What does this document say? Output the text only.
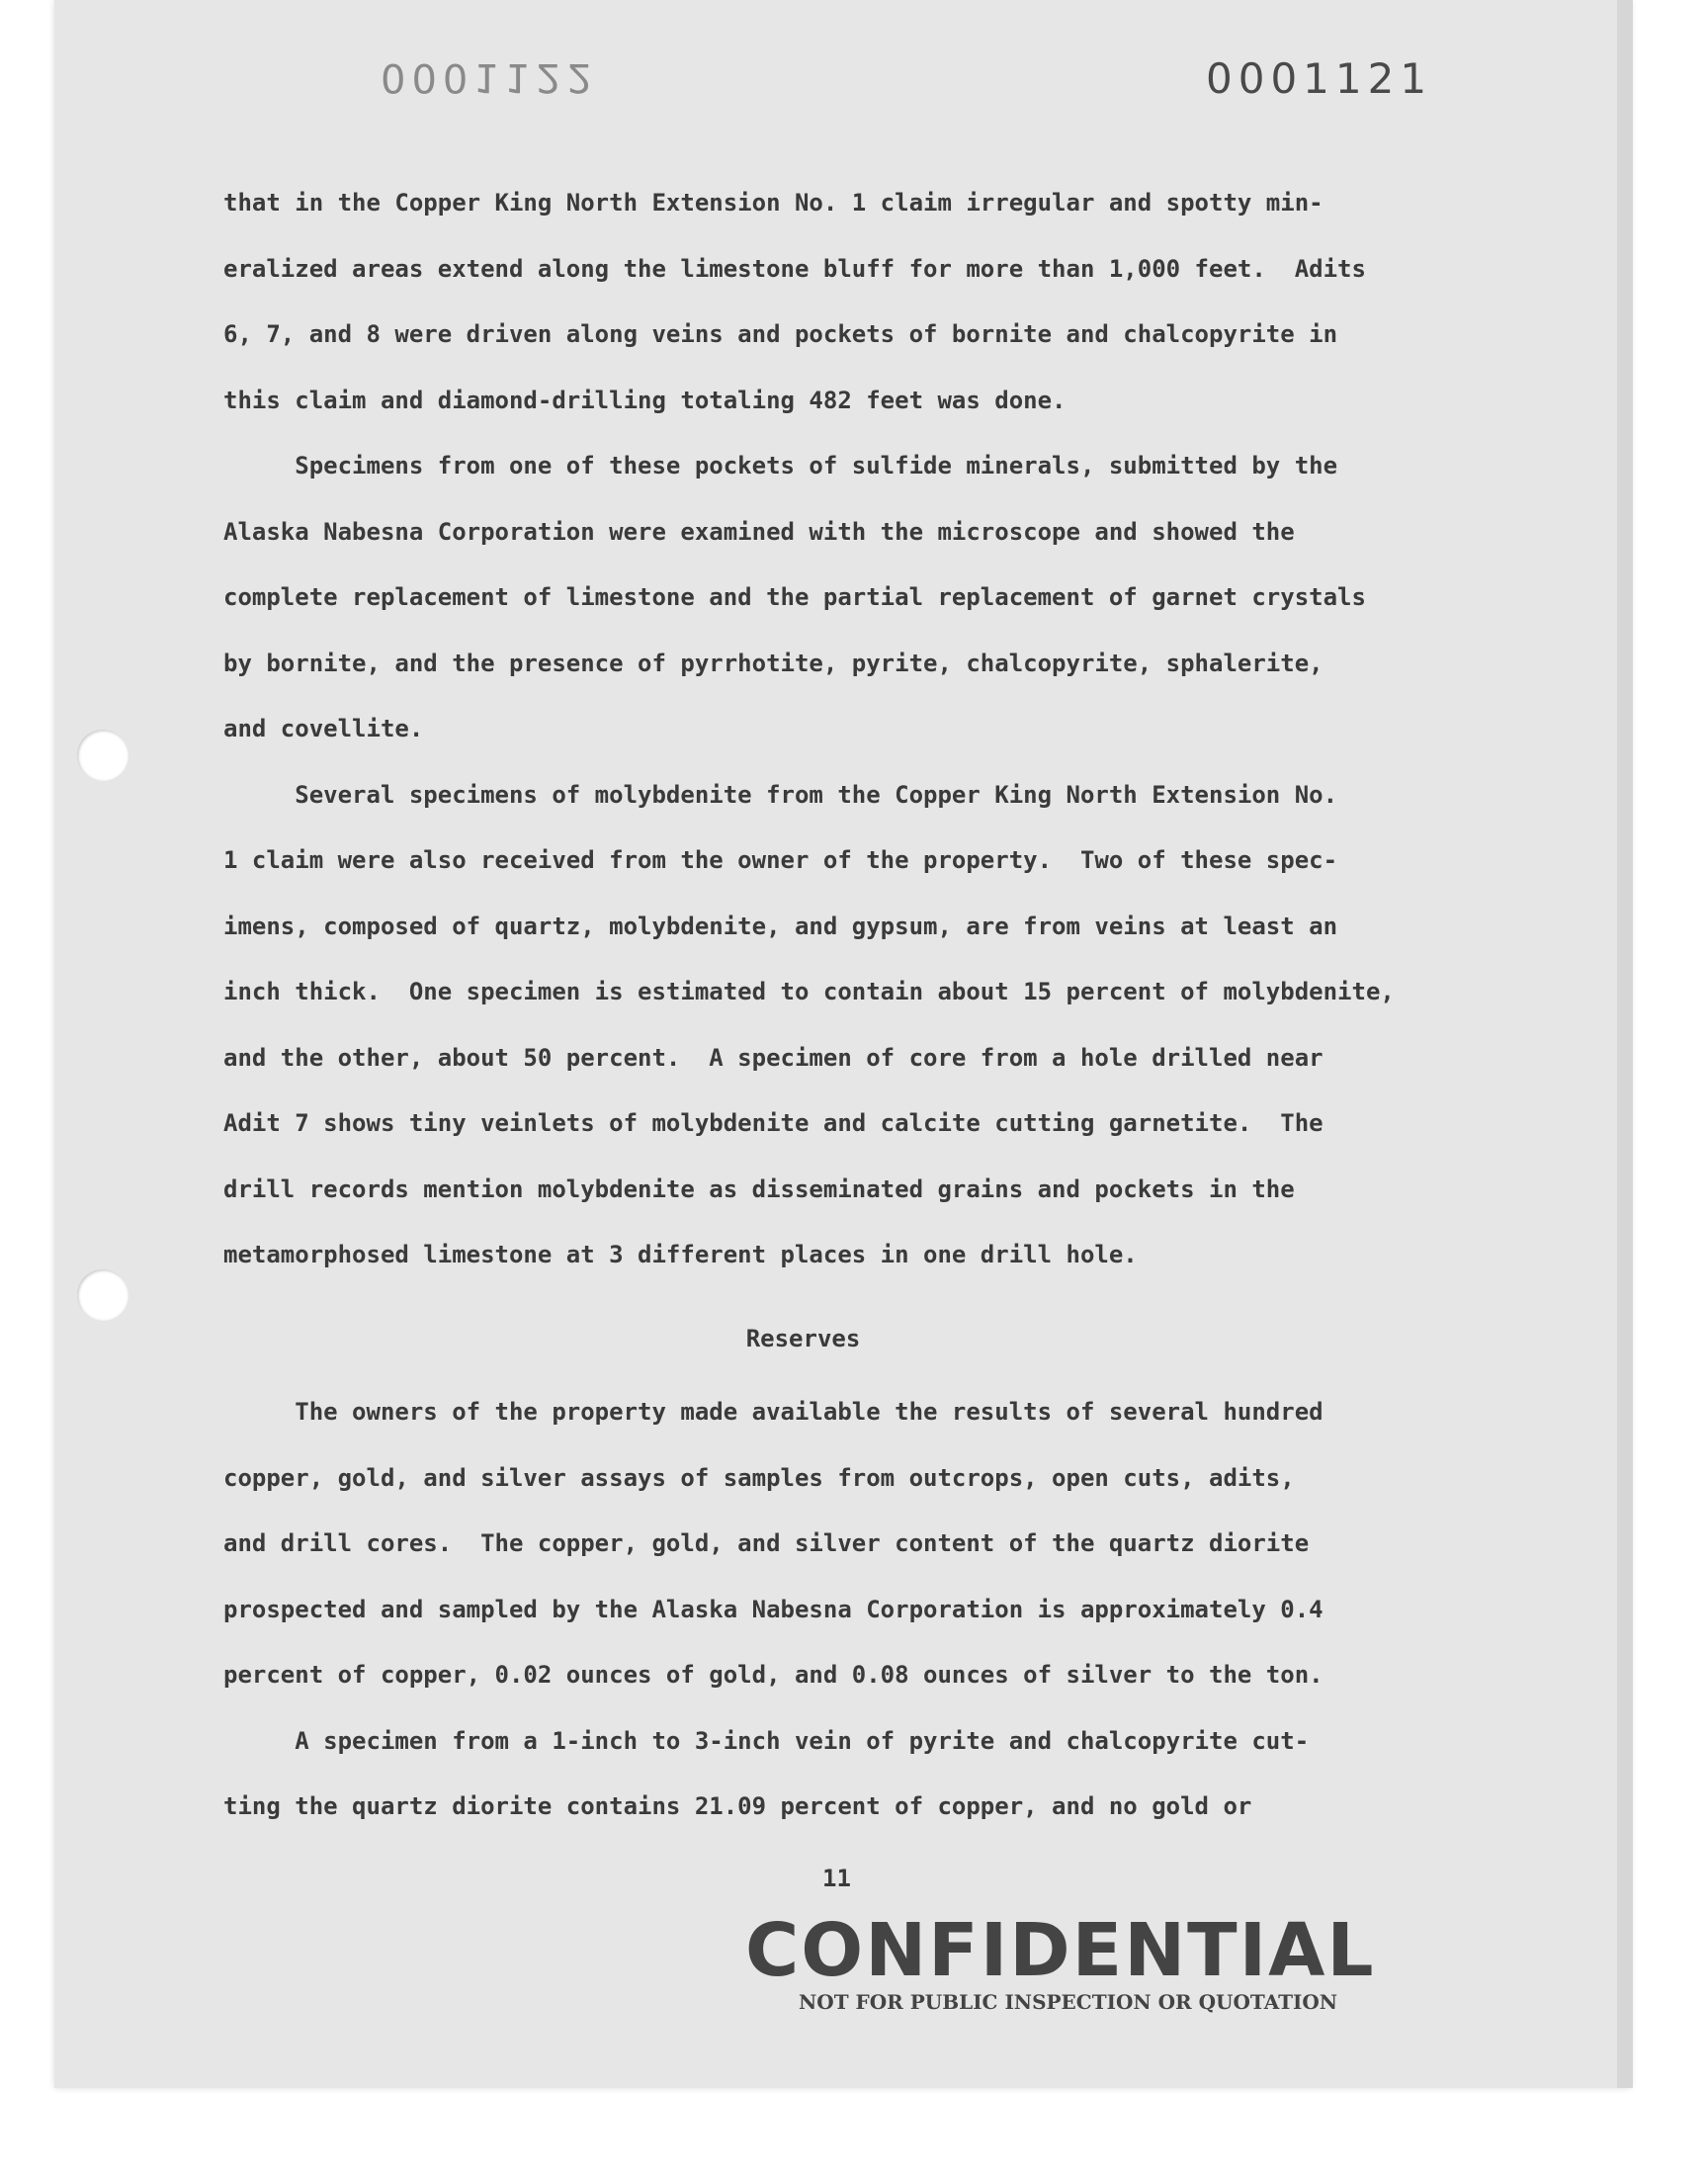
0001122	0001121
that in the Copper King North Extension No. 1 claim irregular and spotty min-
eralized areas extend along the limestone bluff for more than 1,000 feet.  Adits
6, 7, and 8 were driven along veins and pockets of bornite and chalcopyrite in
this claim and diamond-drilling totaling 482 feet was done.
Specimens from one of these pockets of sulfide minerals, submitted by the
Alaska Nabesna Corporation were examined with the microscope and showed the
complete replacement of limestone and the partial replacement of garnet crystals
by bornite, and the presence of pyrrhotite, pyrite, chalcopyrite, sphalerite,
and covellite.
Several specimens of molybdenite from the Copper King North Extension No.
1 claim were also received from the owner of the property.  Two of these spec-
imens, composed of quartz, molybdenite, and gypsum, are from veins at least an
inch thick.  One specimen is estimated to contain about 15 percent of molybdenite,
and the other, about 50 percent.  A specimen of core from a hole drilled near
Adit 7 shows tiny veinlets of molybdenite and calcite cutting garnetite.  The
drill records mention molybdenite as disseminated grains and pockets in the
metamorphosed limestone at 3 different places in one drill hole.
Reserves
The owners of the property made available the results of several hundred
copper, gold, and silver assays of samples from outcrops, open cuts, adits,
and drill cores.  The copper, gold, and silver content of the quartz diorite
prospected and sampled by the Alaska Nabesna Corporation is approximately 0.4
percent of copper, 0.02 ounces of gold, and 0.08 ounces of silver to the ton.
A specimen from a 1-inch to 3-inch vein of pyrite and chalcopyrite cut-
ting the quartz diorite contains 21.09 percent of copper, and no gold or
11
CONFIDENTIAL
NOT FOR PUBLIC INSPECTION OR QUOTATION
